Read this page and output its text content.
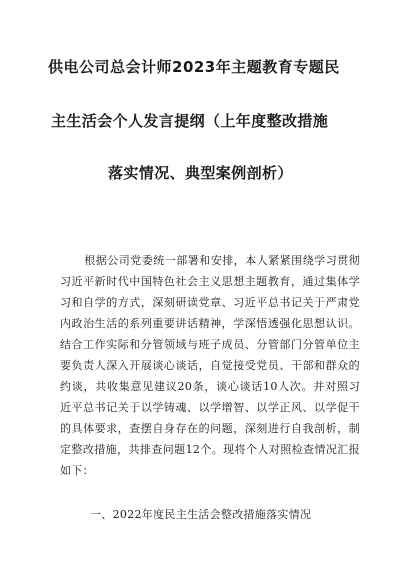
供电公司总会计师2023年主题教育专题民
主生活会个人发言提纲（上年度整改措施
落实情况、典型案例剖析）

根据公司党委统一部署和安排，本人紧紧围绕学习贯彻习近平新时代中国特色社会主义思想主题教育，通过集体学习和自学的方式，深刻研读党章、习近平总书记关于严肃党内政治生活的系列重要讲话精神，学深悟透强化思想认识。结合工作实际和分管领域与班子成员、分管部门分管单位主要负责人深入开展谈心谈话，自觉接受党员、干部和群众的约谈，共收集意见建议20条，谈心谈话10人次。并对照习近平总书记关于以学铸魂、以学增智、以学正风、以学促干的具体要求，查摆自身存在的问题，深刻进行自我剖析，制定整改措施，共排查问题12个。现将个人对照检查情况汇报如下：

一、2022年度民主生活会整改措施落实情况
